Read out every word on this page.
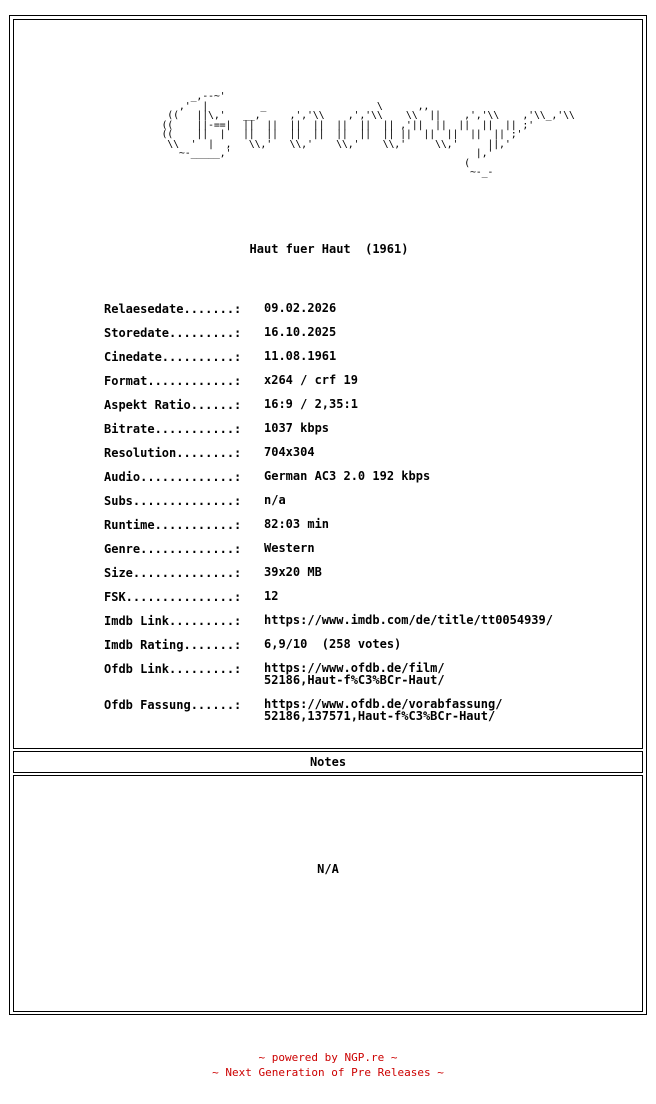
_,--~'
,'  |         _                   \      ,,
((   ||\,'   __,     ,','\\    ,','\\    \\  ||    ,','\\    ,'\\_,'\\
((    ||-==|  ||  ||  ||  ||  ||  ||  || ,'||  ||  ||  ||  || ;'
((    ||  |   ||  ||  ||  ||  ||  ||  || ||  ||  ||  ||  || ;'
\\  '  |  ,   \\,'   \\,'    \\,'    \\,'     \\,'     ||,'
~-_____,'                                          |,'
(
~-_-
Haut fuer Haut  (1961)
Relaesedate.......:	09.02.2026
Storedate.........:	16.10.2025
Cinedate..........:	11.08.1961
Format............:	x264 / crf 19
Aspekt Ratio......:	16:9 / 2,35:1
Bitrate...........:	1037 kbps
Resolution........:	704x304
Audio.............:	German AC3 2.0 192 kbps
Subs..............:	n/a
Runtime...........:	82:03 min
Genre.............:	Western
Size..............:	39x20 MB
FSK...............:	12
Imdb Link.........:	https://www.imdb.com/de/title/tt0054939/
Imdb Rating.......:	6,9/10  (258 votes)
Ofdb Link.........:	https://www.ofdb.de/film/
52186,Haut-f%C3%BCr-Haut/
Ofdb Fassung......:	https://www.ofdb.de/vorabfassung/
52186,137571,Haut-f%C3%BCr-Haut/
Notes
N/A
~ powered by NGP.re ~
~ Next Generation of Pre Releases ~
